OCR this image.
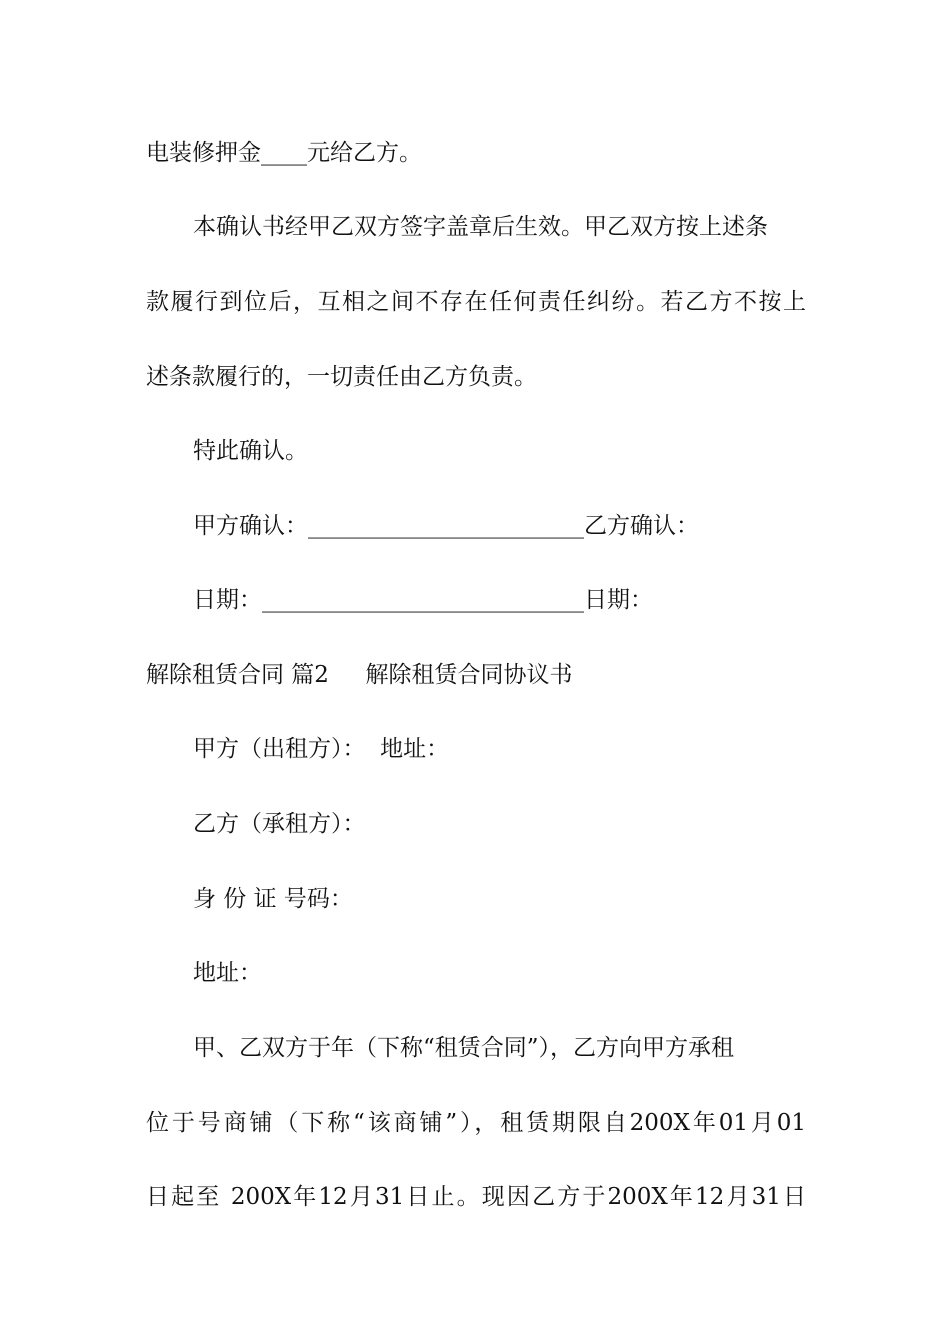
电装修押金____元给乙方。
本确认书经甲乙双方签字盖章后生效。甲乙双方按上述条
款履行到位后，互相之间不存在任何责任纠纷。若乙方不按上
述条款履行的，一切责任由乙方负责。
特此确认。
甲方确认：________________________乙方确认：
日期：____________________________日期：
解除租赁合同 篇2     解除租赁合同协议书
甲方（出租方）：  地址：
乙方（承租方）：
身 份 证 号码：
地址：
甲、乙双方于年（下称“租赁合同”），乙方向甲方承租
位于号商铺（下称“该商铺”），租赁期限自200X年01月01
日起至 200X年12月31日止。现因乙方于200X年12月31日
